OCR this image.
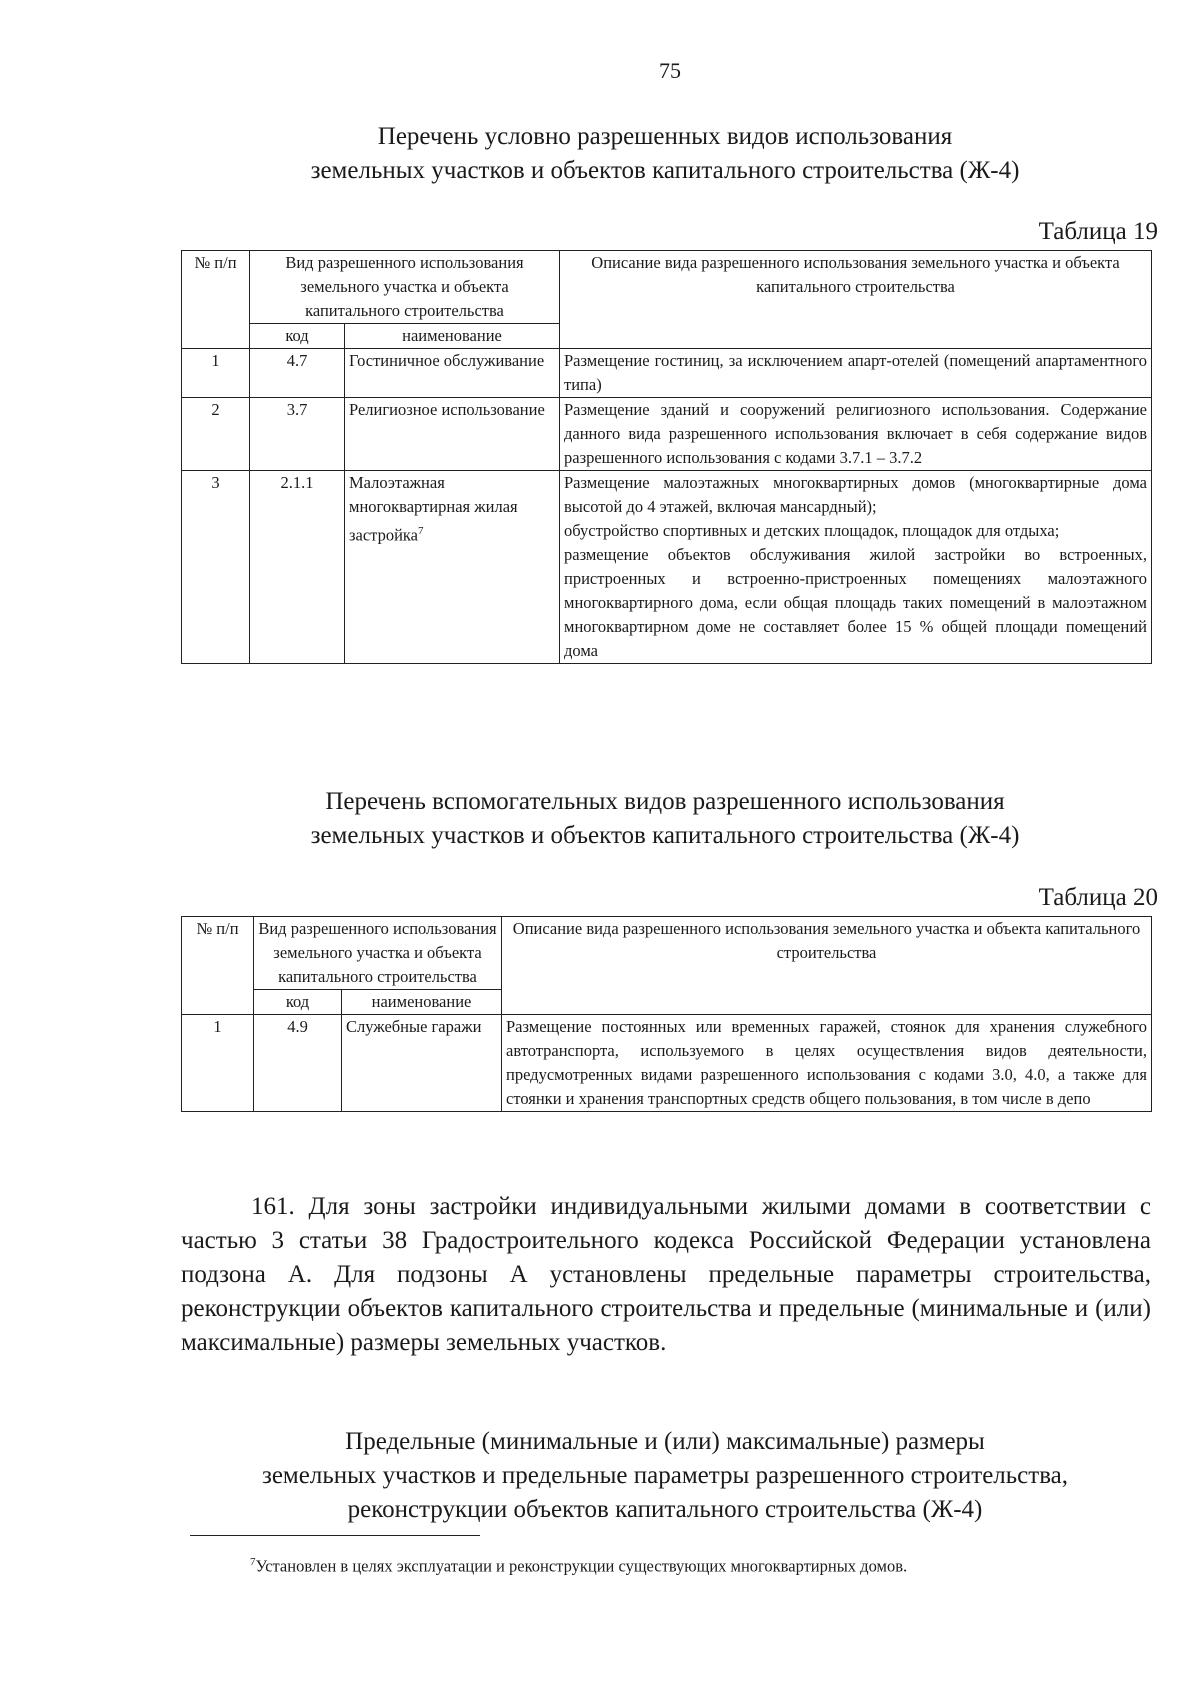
75
Перечень условно разрешенных видов использования
земельных участков и объектов капитального строительства (Ж-4)
Таблица 19
№ п/п	Вид разрешенного использования земельного участка и объекта капитального строительства		Описание вида разрешенного использования земельного участка и объекта капитального строительства
	код	наименование	
1	4.7	Гостиничное обслуживание	Размещение гостиниц, за исключением апарт-отелей (помещений апартаментного типа)
2	3.7	Религиозное использование	Размещение зданий и сооружений религиозного использования. Содержание данного вида разрешенного использования включает в себя содержание видов разрешенного использования с кодами 3.7.1 – 3.7.2
3	2.1.1	Малоэтажная многоквартирная жилая застройка$^7$	Размещение малоэтажных многоквартирных домов (многоквартирные дома высотой до 4 этажей, включая мансардный);
обустройство спортивных и детских площадок, площадок для отдыха;
размещение объектов обслуживания жилой застройки во встроенных, пристроенных и встроенно-пристроенных помещениях малоэтажного многоквартирного дома, если общая площадь таких помещений в малоэтажном многоквартирном доме не составляет более 15 % общей площади помещений дома
Перечень вспомогательных видов разрешенного использования
земельных участков и объектов капитального строительства (Ж-4)
Таблица 20
№ п/п	Вид разрешенного использования земельного участка и объекта капитального строительства		Описание вида разрешенного использования земельного участка и объекта капитального строительства
	код	наименование	
1	4.9	Служебные гаражи	Размещение постоянных или временных гаражей, стоянок для хранения служебного автотранспорта, используемого в целях осуществления видов деятельности, предусмотренных видами разрешенного использования с кодами 3.0, 4.0, а также для стоянки и хранения транспортных средств общего пользования, в том числе в депо
161. Для зоны застройки индивидуальными жилыми домами в соответствии с частью 3 статьи 38 Градостроительного кодекса Российской Федерации установлена подзона А. Для подзоны А установлены предельные параметры строительства, реконструкции объектов капитального строительства и предельные (минимальные и (или) максимальные) размеры земельных участков.
Предельные (минимальные и (или) максимальные) размеры
земельных участков и предельные параметры разрешенного строительства,
реконструкции объектов капитального строительства (Ж-4)
$^7$Установлен в целях эксплуатации и реконструкции существующих многоквартирных домов.
